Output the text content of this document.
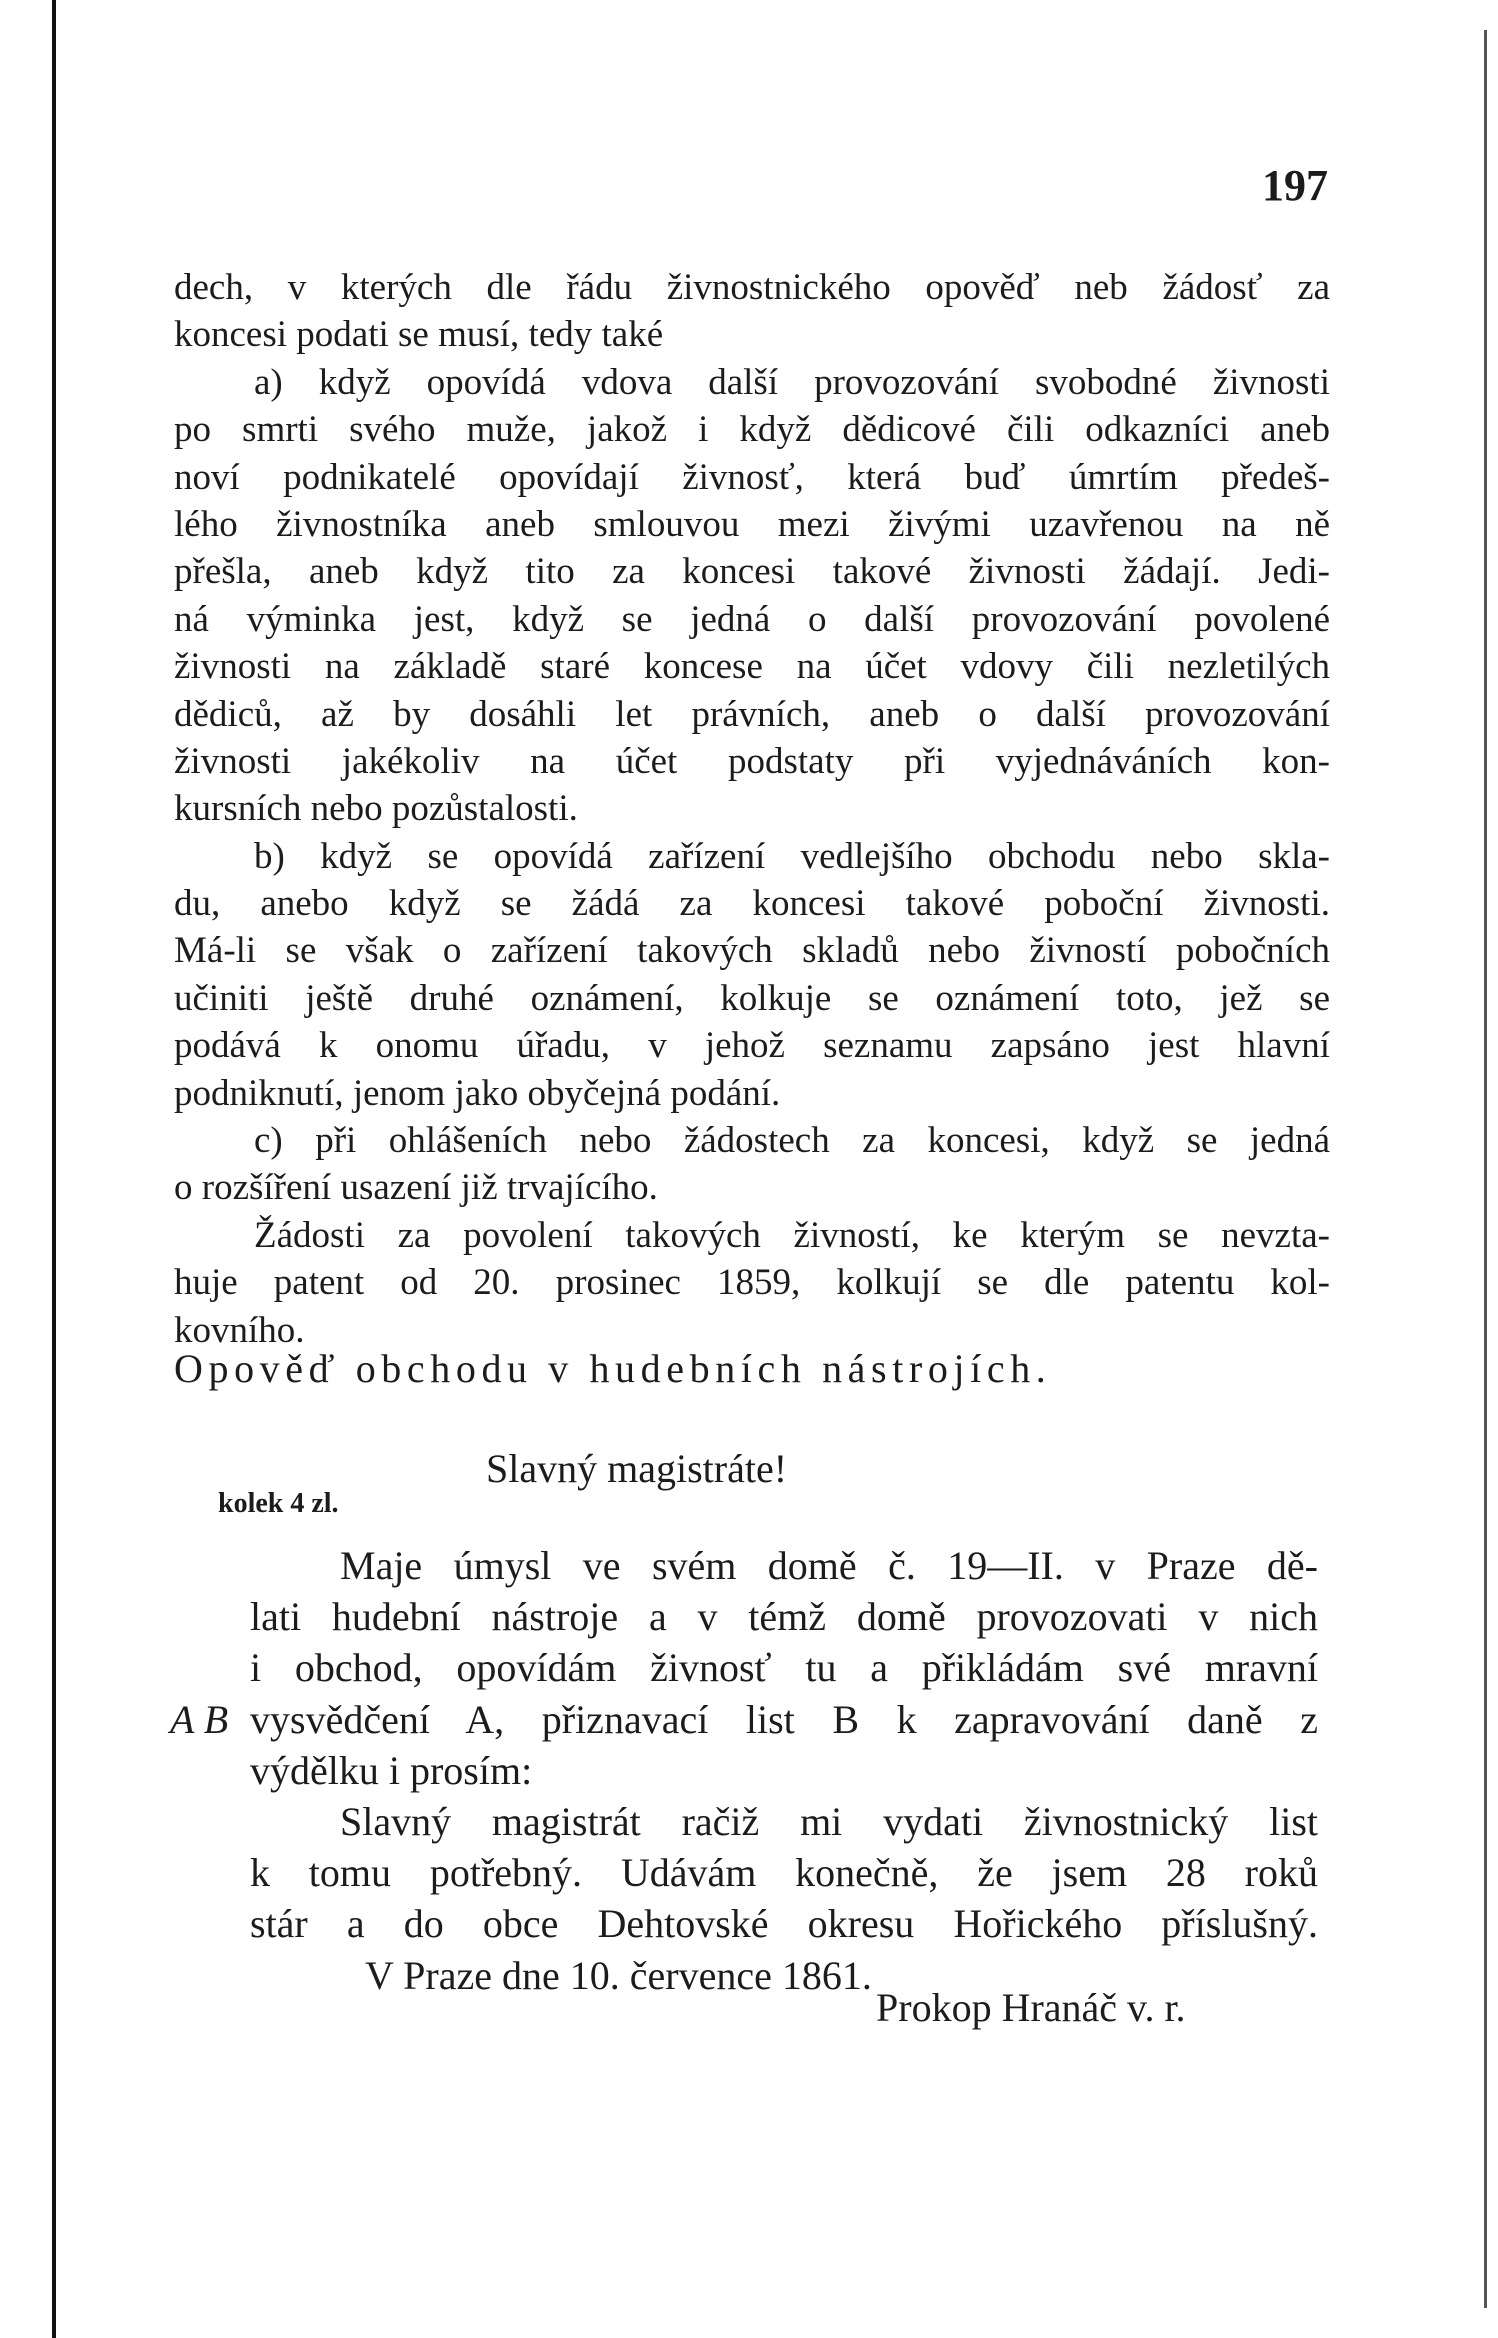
197
dech, v kterých dle řádu živnostnického opověď neb žádosť za
koncesi podati se musí, tedy také
a) když opovídá vdova další provozování svobodné živnosti
po smrti svého muže, jakož i když dědicové čili odkazníci aneb
noví podnikatelé opovídají živnosť, která buď úmrtím předeš-
lého živnostníka aneb smlouvou mezi živými uzavřenou na ně
přešla, aneb když tito za koncesi takové živnosti žádají. Jedi-
ná výminka jest, když se jedná o další provozování povolené
živnosti na základě staré koncese na účet vdovy čili nezletilých
dědiců, až by dosáhli let právních, aneb o další provozování
živnosti jakékoliv na účet podstaty při vyjednáváních kon-
kursních nebo pozůstalosti.
b) když se opovídá zařízení vedlejšího obchodu nebo skla-
du, anebo když se žádá za koncesi takové poboční živnosti.
Má-li se však o zařízení takových skladů nebo živností pobočních
učiniti ještě druhé oznámení, kolkuje se oznámení toto, jež se
podává k onomu úřadu, v jehož seznamu zapsáno jest hlavní
podniknutí, jenom jako obyčejná podání.
c) při ohlášeních nebo žádostech za koncesi, když se jedná
o rozšíření usazení již trvajícího.
Žádosti za povolení takových živností, ke kterým se nevzta-
huje patent od 20. prosinec 1859, kolkují se dle patentu kol-
kovního.
Opověď obchodu v hudebních nástrojích.
Slavný magistráte!
kolek 4 zl.
Maje úmysl ve svém domě č. 19—II. v Praze dě-
lati hudební nástroje a v témž domě provozovati v nich
i obchod, opovídám živnosť tu a přikládám své mravní
vysvědčení A, přiznavací list B k zapravování daně z
výdělku i prosím:
Slavný magistrát račiž mi vydati živnostnický list
k tomu potřebný. Udávám konečně, že jsem 28 roků
stár a do obce Dehtovské okresu Hořického příslušný.
V Praze dne 10. července 1861.
A B
Prokop Hranáč v. r.
